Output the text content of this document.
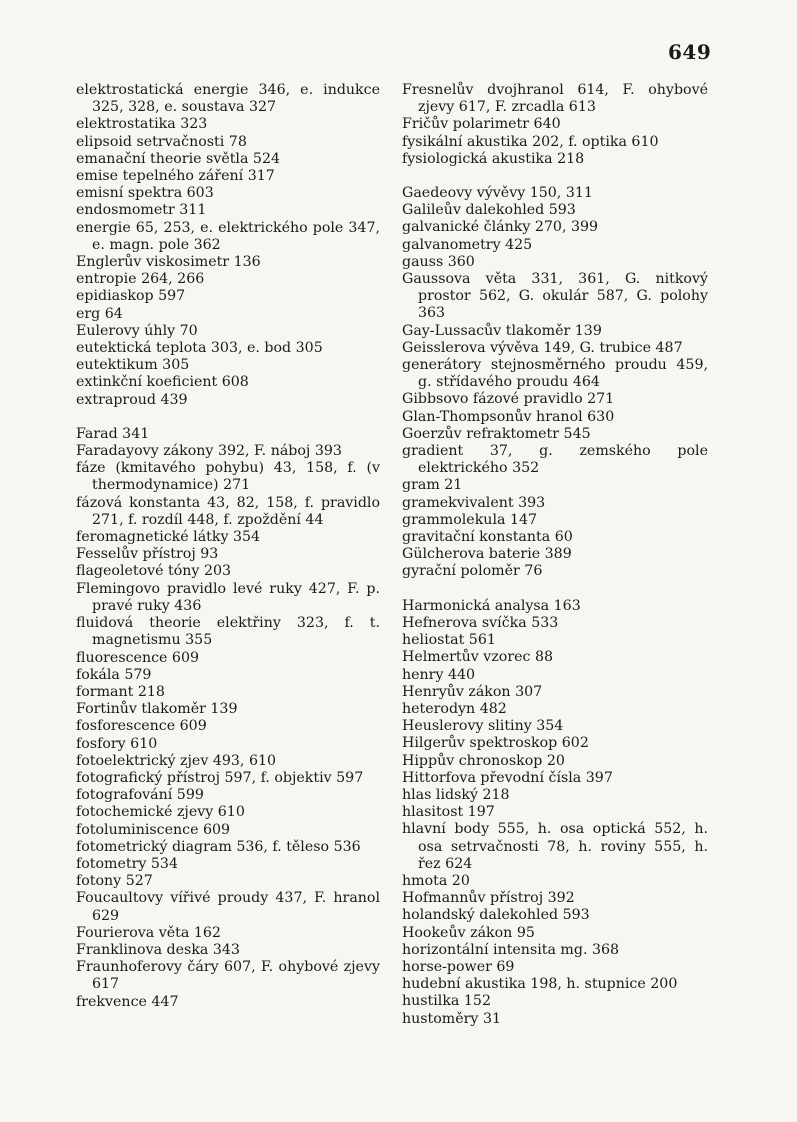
649
elektrostatická energie 346, e. indukce 325, 328, e. soustava 327
elektrostatika 323
elipsoid setrvačnosti 78
emanační theorie světla 524
emise tepelného záření 317
emisní spektra 603
endosmometr 311
energie 65, 253, e. elektrického pole 347, e. magn. pole 362
Englerův viskosimetr 136
entropie 264, 266
epidiaskop 597
erg 64
Eulerovy úhly 70
eutektická teplota 303, e. bod 305
eutektikum 305
extinkční koeficient 608
extraproud 439
Farad 341
Faradayovy zákony 392, F. náboj 393
fáze (kmitavého pohybu) 43, 158, f. (v thermodynamice) 271
fázová konstanta 43, 82, 158, f. pravidlo 271, f. rozdíl 448, f. zpoždění 44
feromagnetické látky 354
Fesselův přístroj 93
flageoletové tóny 203
Flemingovo pravidlo levé ruky 427, F. p. pravé ruky 436
fluidová theorie elektřiny 323, f. t. magnetismu 355
fluorescence 609
fokála 579
formant 218
Fortinův tlakoměr 139
fosforescence 609
fosfory 610
fotoelektrický zjev 493, 610
fotografický přístroj 597, f. objektiv 597
fotografování 599
fotochemické zjevy 610
fotoluminiscence 609
fotometrický diagram 536, f. těleso 536
fotometry 534
fotony 527
Foucaultovy vířivé proudy 437, F. hranol 629
Fourierova věta 162
Franklinova deska 343
Fraunhoferovy čáry 607, F. ohybové zjevy 617
frekvence 447
Fresnelův dvojhranol 614, F. ohybové zjevy 617, F. zrcadla 613
Fričův polarimetr 640
fysikální akustika 202, f. optika 610
fysiologická akustika 218
Gaedeovy vývěvy 150, 311
Galileův dalekohled 593
galvanické články 270, 399
galvanometry 425
gauss 360
Gaussova věta 331, 361, G. nitkový prostor 562, G. okulár 587, G. polohy 363
Gay-Lussacův tlakoměr 139
Geisslerova vývěva 149, G. trubice 487
generátory stejnosměrného proudu 459, g. střídavého proudu 464
Gibbsovo fázové pravidlo 271
Glan-Thompsonův hranol 630
Goerzův refraktometr 545
gradient 37, g. zemského pole elektrického 352
gram 21
gramekvivalent 393
grammolekula 147
gravitační konstanta 60
Gülcherova baterie 389
gyrační poloměr 76
Harmonická analysa 163
Hefnerova svíčka 533
heliostat 561
Helmertův vzorec 88
henry 440
Henryův zákon 307
heterodyn 482
Heuslerovy slitiny 354
Hilgerův spektroskop 602
Hippův chronoskop 20
Hittorfova převodní čísla 397
hlas lidský 218
hlasitost 197
hlavní body 555, h. osa optická 552, h. osa setrvačnosti 78, h. roviny 555, h. řez 624
hmota 20
Hofmannův přístroj 392
holandský dalekohled 593
Hookeův zákon 95
horizontální intensita mg. 368
horse-power 69
hudební akustika 198, h. stupnice 200
hustilka 152
hustoměry 31
